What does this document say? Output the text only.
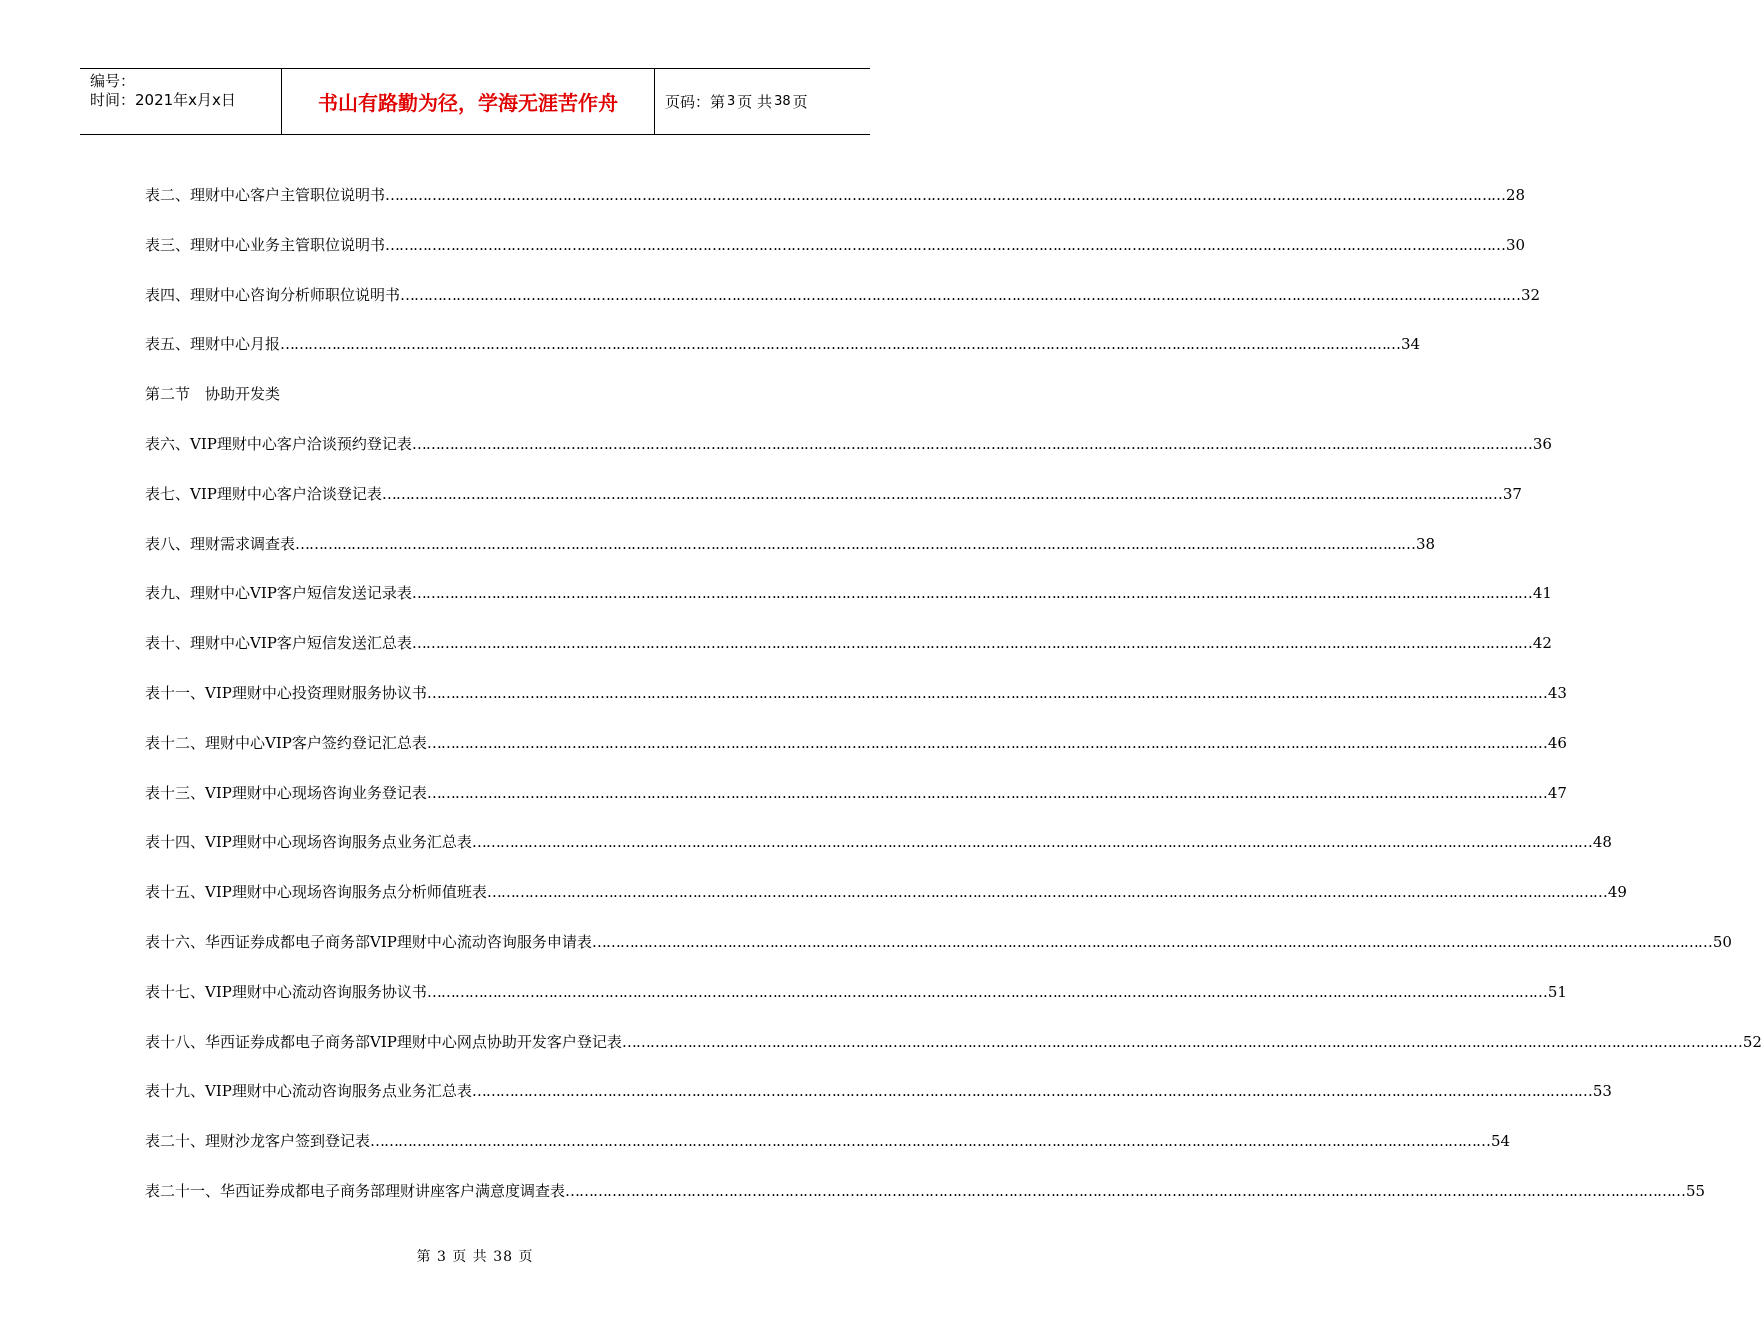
编号：
时间：2021年x月x日	书山有路勤为径，学海无涯苦作舟	页码：第 3 页 共 38 页
表二、理财中心客户主管职位说明书 …………………………………………………………………………………………………………………………………………………………………………………………………………………… 28
表三、理财中心业务主管职位说明书 …………………………………………………………………………………………………………………………………………………………………………………………………………………… 30
表四、理财中心咨询分析师职位说明书 …………………………………………………………………………………………………………………………………………………………………………………………………………………… 32
表五、理财中心月报 …………………………………………………………………………………………………………………………………………………………………………………………………………………… 34
第二节　协助开发类
表六、VIP理财中心客户洽谈预约登记表 …………………………………………………………………………………………………………………………………………………………………………………………………………………… 36
表七、VIP理财中心客户洽谈登记表 …………………………………………………………………………………………………………………………………………………………………………………………………………………… 37
表八、理财需求调查表 …………………………………………………………………………………………………………………………………………………………………………………………………………………… 38
表九、理财中心VIP客户短信发送记录表 …………………………………………………………………………………………………………………………………………………………………………………………………………………… 41
表十、理财中心VIP客户短信发送汇总表 …………………………………………………………………………………………………………………………………………………………………………………………………………………… 42
表十一、VIP理财中心投资理财服务协议书 …………………………………………………………………………………………………………………………………………………………………………………………………………………… 43
表十二、理财中心VIP客户签约登记汇总表 …………………………………………………………………………………………………………………………………………………………………………………………………………………… 46
表十三、VIP理财中心现场咨询业务登记表 …………………………………………………………………………………………………………………………………………………………………………………………………………………… 47
表十四、VIP理财中心现场咨询服务点业务汇总表 …………………………………………………………………………………………………………………………………………………………………………………………………………………… 48
表十五、VIP理财中心现场咨询服务点分析师值班表 …………………………………………………………………………………………………………………………………………………………………………………………………………………… 49
表十六、华西证券成都电子商务部VIP理财中心流动咨询服务申请表 …………………………………………………………………………………………………………………………………………………………………………………………………………………… 50
表十七、VIP理财中心流动咨询服务协议书 …………………………………………………………………………………………………………………………………………………………………………………………………………………… 51
表十八、华西证券成都电子商务部VIP理财中心网点协助开发客户登记表 …………………………………………………………………………………………………………………………………………………………………………………………………………………… 52
表十九、VIP理财中心流动咨询服务点业务汇总表 …………………………………………………………………………………………………………………………………………………………………………………………………………………… 53
表二十、理财沙龙客户签到登记表 …………………………………………………………………………………………………………………………………………………………………………………………………………………… 54
表二十一、华西证券成都电子商务部理财讲座客户满意度调查表 …………………………………………………………………………………………………………………………………………………………………………………………………………………… 55
第 3 页 共 38 页
